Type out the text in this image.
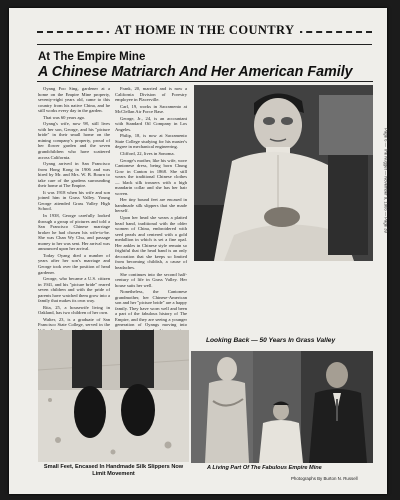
AT HOME IN THE COUNTRY
At The Empire Mine
A Chinese Matriarch And Her American Family
Page 6 — The Nugget — November 9, 1966 — Page 39

Oyang Foo Sing, gardener at a home on the Empire Mine property, seventy-eight years old, came to this country from his native China, and he still works every day in the garden.

That was 60 years ago.

Oyang's wife, now 98, still lives with her son, George, and his "picture bride" in their small home on the mining company's property, proud of her flower garden and the seven grandchildren who have scattered across California.

Oyang arrived in San Francisco from Hong Kong in 1906 and was hired by Mr. and Mrs. W. B. Bourn to take care of the gardens surrounding their home at The Empire.

It was 1918 when his wife and son joined him in Grass Valley. Young George attended Grass Valley High School.

In 1938, George carefully looked through a group of pictures and told a San Francisco Chinese marriage broker he had chosen his wife-to-be. She was Chan Wy Chu, and passage money to her was sent. Her arrival was announced upon her arrival.

Today Oyang died a number of years after her son's marriage and George took over the position of head gardener.

George, who became a U.S. citizen in 1941, and his "picture bride" reared seven children and with the pride of parents have watched them grow into a family that makes its own way.

Rita, 25, a housewife living in Oakland, has two children of her own.

Walter, 23, is a graduate of San Francisco State College, served in the

Frank, 20, married and is now a California Division of Forestry employee in Placerville.

Carl, 19, works in Sacramento at McClellan Air Force Base.

George, Jr., 24, is an accountant with Standard Oil Company in Los Angeles.

Philip, 18, is now at Sacramento State College studying for his master's degree in mechanical engineering.

Clifford, 22, lives in Sonoma.

George's mother, like his wife, wore Cantonese dress, being born Chung Gow in Canton in 1868. She still wears the traditional Chinese clothes — black silk trousers with a high mandarin collar and she has her hair woven.

Her tiny bound feet are encased in handmade silk slippers that she made herself.

Upon her head she wears a plaited head band, traditional with the older women of China, embroidered with seed pearls and centered with a gold medallion in which is set a fine opal. Her ankles in Chinese style remain so frightful that the head band is an only decoration that she keeps so limited from becoming childish, a cause of headaches.

She continues into the second half-century of life in Grass Valley. Her house suits her well.

Nonetheless, the Cantonese grandmother, her Chinese-American son and her "picture bride" are a happy family. They have worn well and been a part of the fabulous history of The Empire, and they are seeing a younger generation of Oyangs moving into

Small Feet, Encased In Handmade Silk Slippers Now Limit Movement
Looking Back — 50 Years In Grass Valley
A Living Part Of The Fabulous Empire Mine
Photographs By Burton N. Russell
